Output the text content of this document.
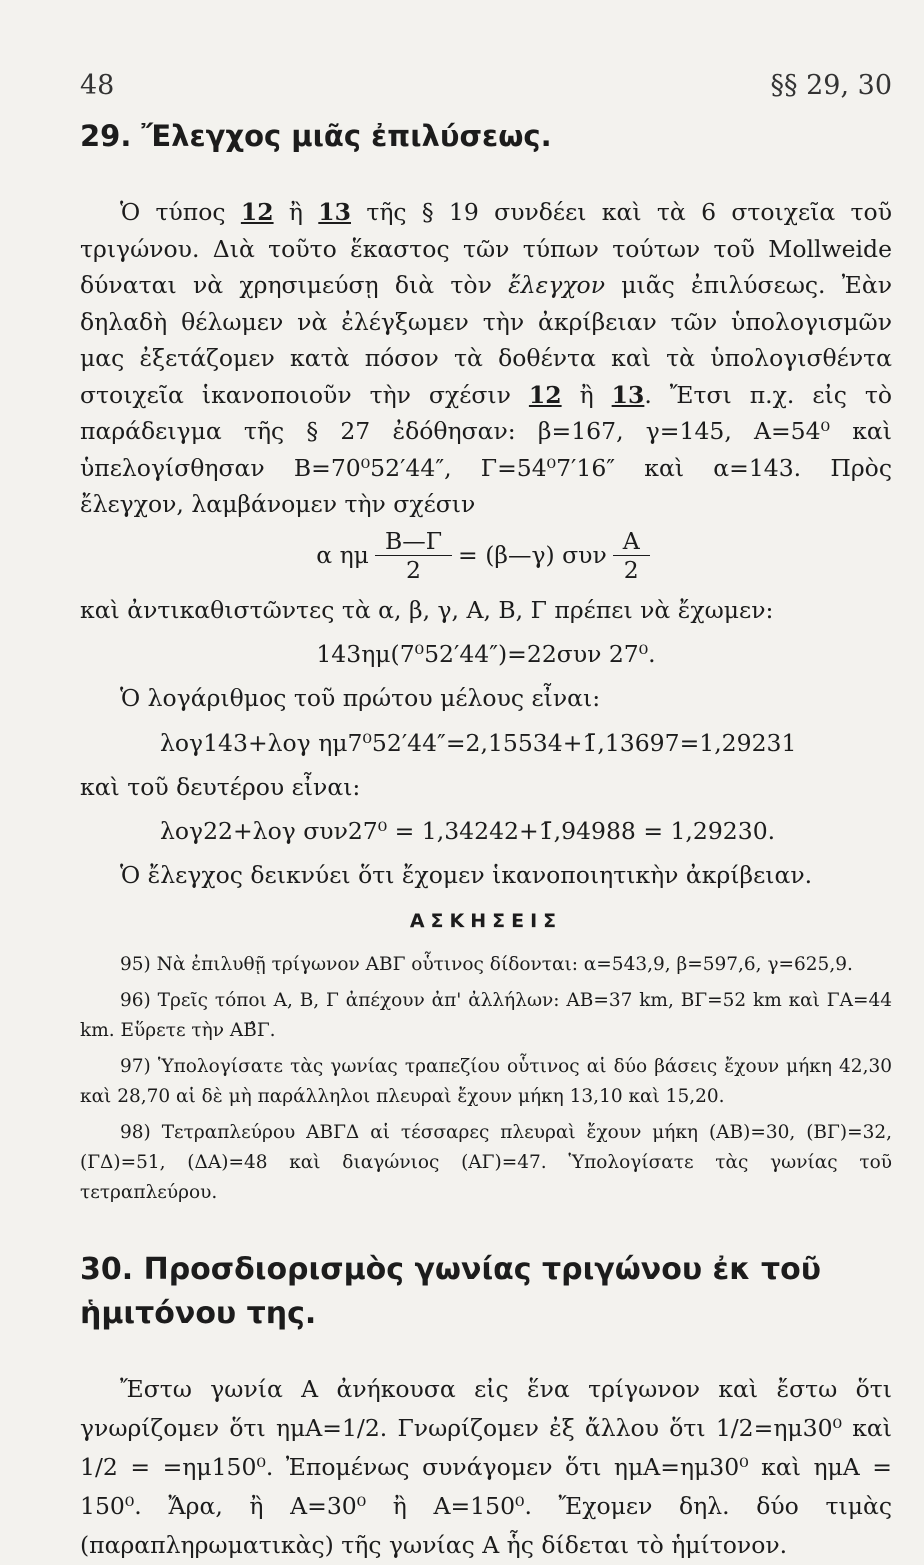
48	§§ 29, 30
29. Ἔλεγχος μιᾶς ἐπιλύσεως.

Ὁ τύπος 12 ἢ 13 τῆς § 19 συνδέει καὶ τὰ 6 στοιχεῖα τοῦ τριγώνου. Διὰ τοῦτο ἕκαστος τῶν τύπων τούτων τοῦ Mollweide δύναται νὰ χρησιμεύσῃ διὰ τὸν ἔλεγχον μιᾶς ἐπιλύσεως. Ἐὰν δηλαδὴ θέλωμεν νὰ ἐλέγξωμεν τὴν ἀκρίβειαν τῶν ὑπολογισμῶν μας ἐξετάζομεν κατὰ πόσον τὰ δοθέντα καὶ τὰ ὑπολογισθέντα στοιχεῖα ἱκανοποιοῦν τὴν σχέσιν 12 ἢ 13. Ἔτσι π.χ. εἰς τὸ παράδειγμα τῆς § 27 ἐδόθησαν: β=167, γ=145, Α=54⁰ καὶ ὑπελογίσθησαν Β=70⁰52′44″, Γ=54⁰7′16″ καὶ α=143. Πρὸς ἔλεγχον, λαμβάνομεν τὴν σχέσιν

α ημ $\frac{B—\Gamma}{2}$ = (β—γ) συν $\frac{A}{2}$

καὶ ἀντικαθιστῶντες τὰ α, β, γ, Α, Β, Γ πρέπει νὰ ἔχωμεν:

143ημ(7⁰52′44″)=22συν 27⁰.

Ὁ λογάριθμος τοῦ πρώτου μέλους εἶναι:

λογ143+λογ ημ7⁰52′44″=2,15534+1̄,13697=1,29231

καὶ τοῦ δευτέρου εἶναι:

λογ22+λογ συν27⁰ = 1,34242+1̄,94988 = 1,29230.

Ὁ ἔλεγχος δεικνύει ὅτι ἔχομεν ἱκανοποιητικὴν ἀκρίβειαν.

ΑΣΚΗΣΕΙΣ

95) Νὰ ἐπιλυθῇ τρίγωνον ΑΒΓ οὗτινος δίδονται: α=543,9, β=597,6, γ=625,9.

96) Τρεῖς τόποι Α, Β, Γ ἀπέχουν ἀπ' ἀλλήλων: ΑΒ=37 km, ΒΓ=52 km καὶ ΓΑ=44 km. Εὕρετε τὴν ΑΒ̂Γ.

97) Ὑπολογίσατε τὰς γωνίας τραπεζίου οὗτινος αἱ δύο βάσεις ἔχουν μήκη 42,30 καὶ 28,70 αἱ δὲ μὴ παράλληλοι πλευραὶ ἔχουν μήκη 13,10 καὶ 15,20.

98) Τετραπλεύρου ΑΒΓΔ αἱ τέσσαρες πλευραὶ ἔχουν μήκη (ΑΒ)=30, (ΒΓ)=32, (ΓΔ)=51, (ΔΑ)=48 καὶ διαγώνιος (ΑΓ)=47. Ὑπολογίσατε τὰς γωνίας τοῦ τετραπλεύρου.

30. Προσδιορισμὸς γωνίας τριγώνου ἐκ τοῦ ἡμιτόνου της.

Ἔστω γωνία Α ἀνήκουσα εἰς ἕνα τρίγωνον καὶ ἔστω ὅτι γνωρίζομεν ὅτι ημΑ=1/2. Γνωρίζομεν ἐξ ἄλλου ὅτι 1/2=ημ30⁰ καὶ 1/2 = =ημ150⁰. Ἐπομένως συνάγομεν ὅτι ημΑ=ημ30⁰ καὶ ημΑ = 150⁰. Ἄρα, ἢ Α=30⁰ ἢ Α=150⁰. Ἔχομεν δηλ. δύο τιμὰς (παραπληρωματικὰς) τῆς γωνίας Α ἧς δίδεται τὸ ἡμίτονον.
